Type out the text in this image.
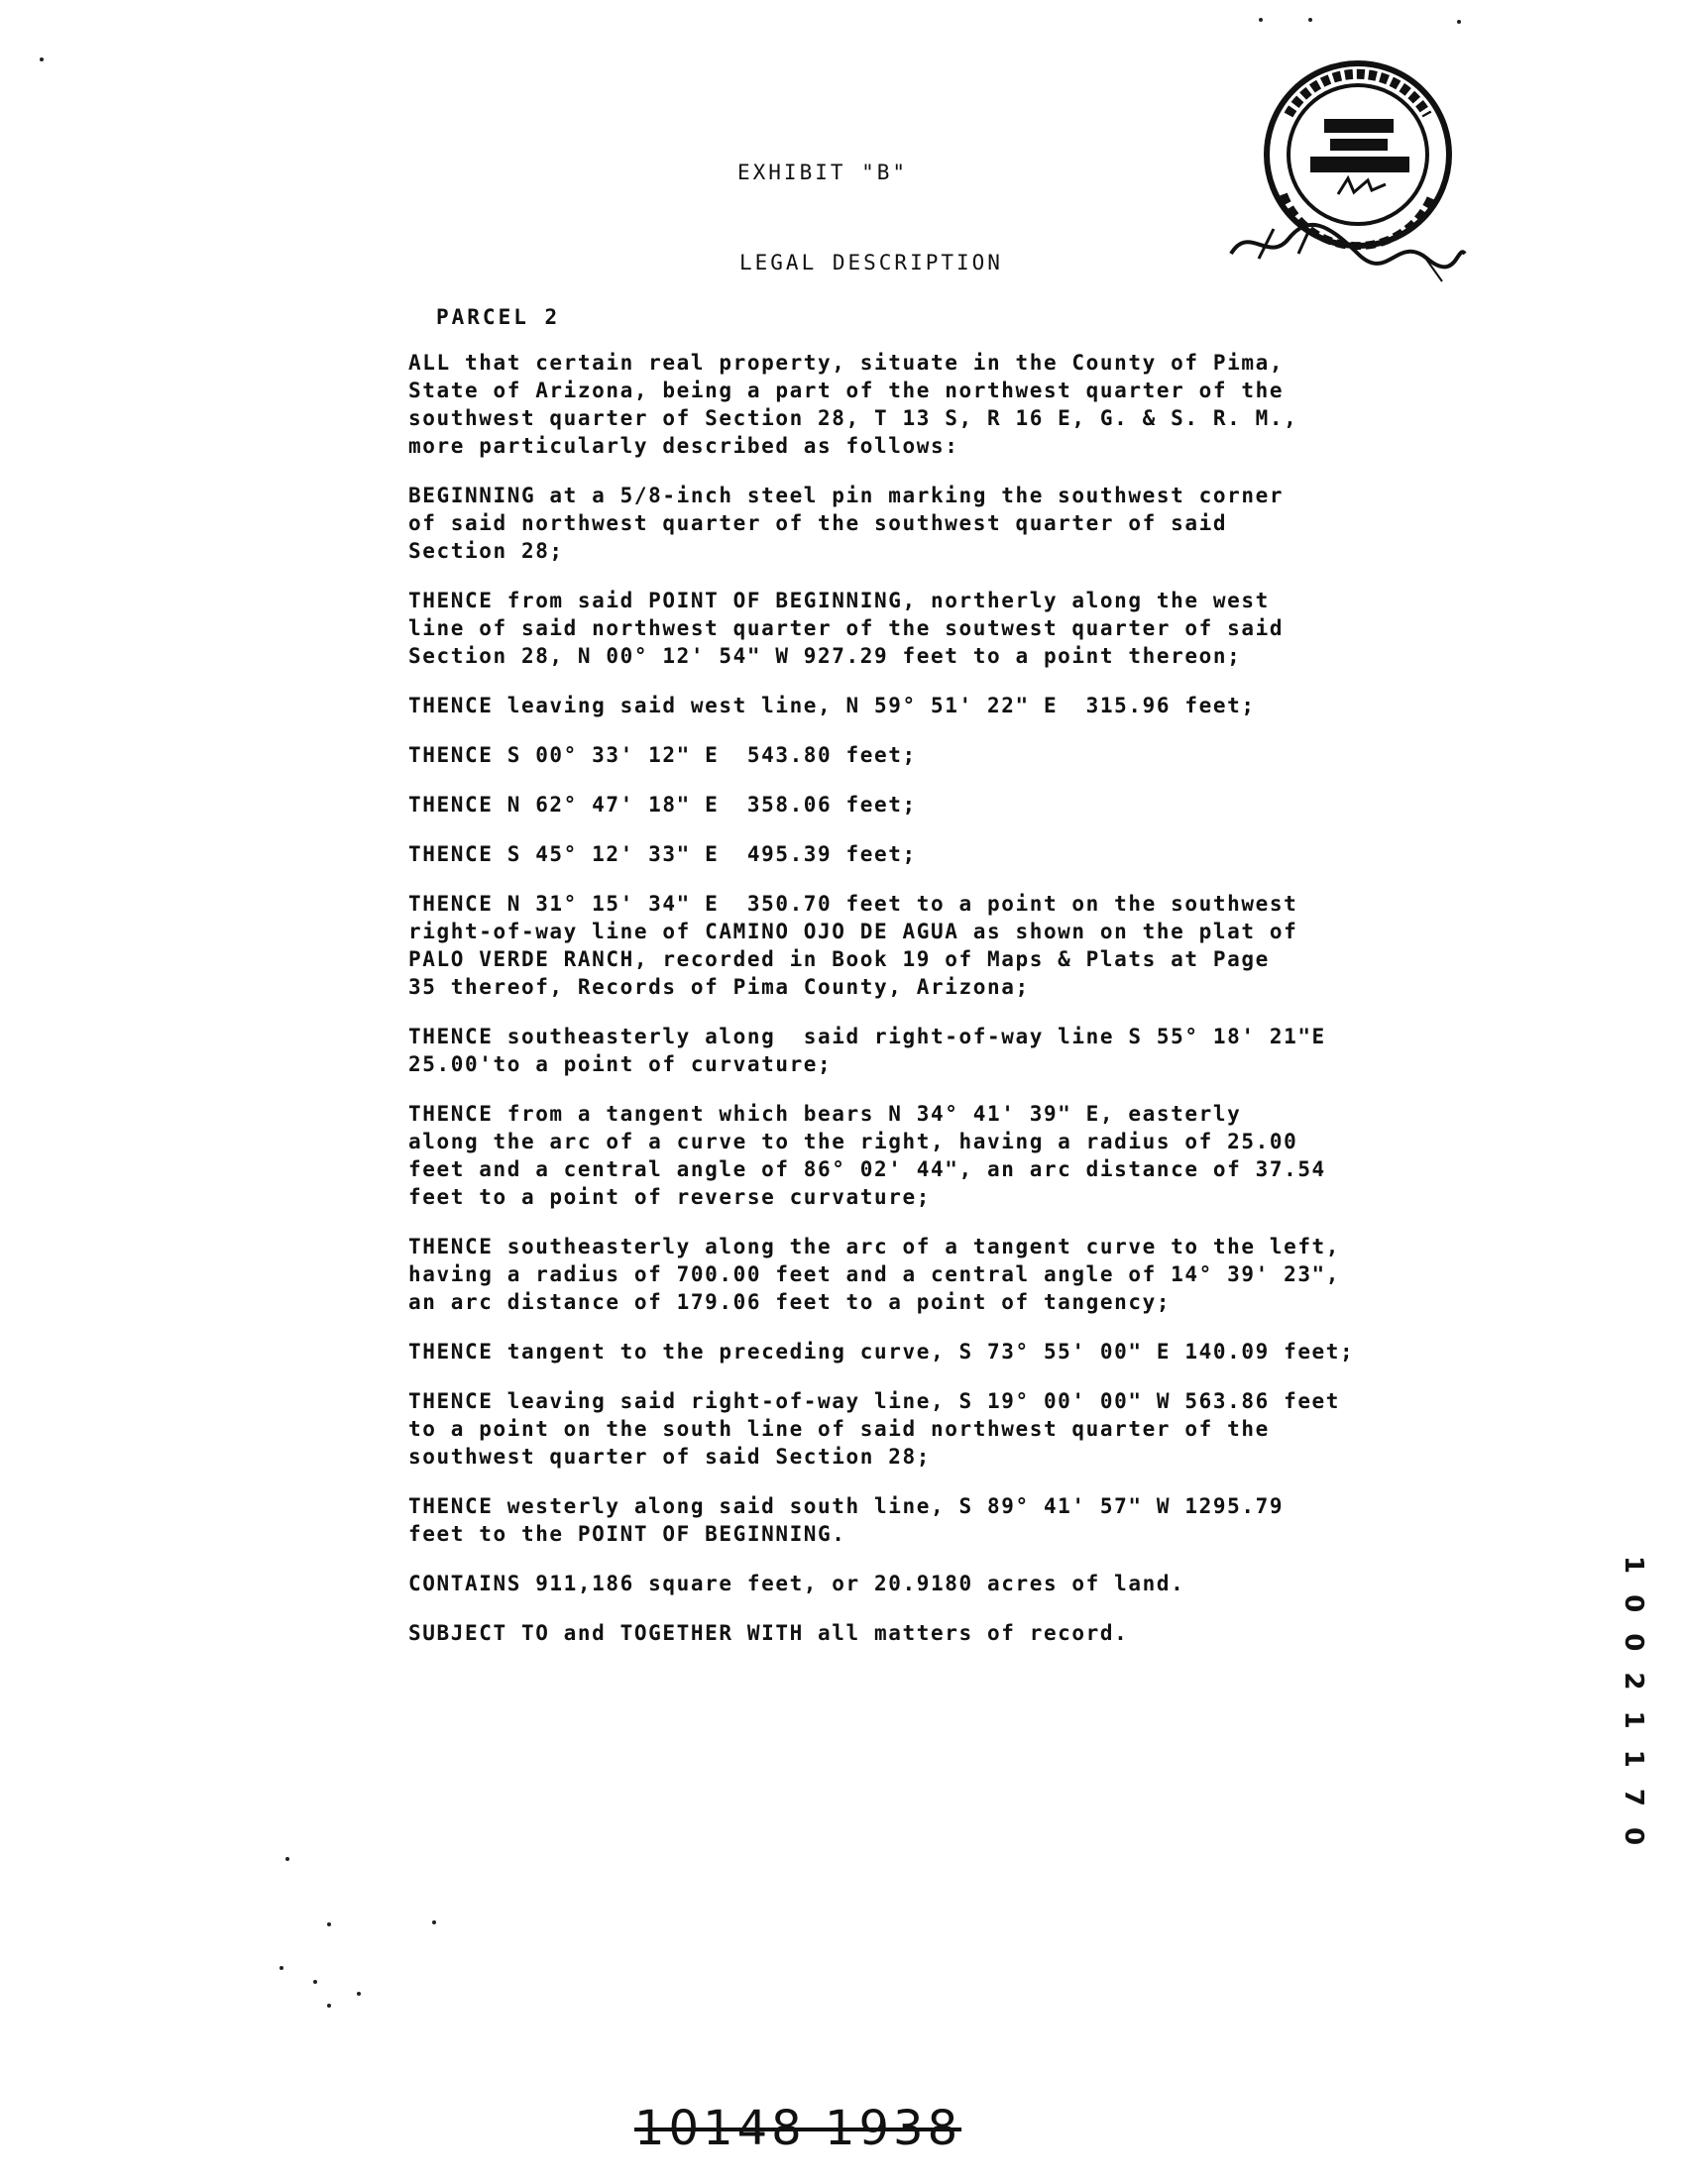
EXHIBIT "B"
LEGAL DESCRIPTION
PARCEL 2
ALL that certain real property, situate in the County of Pima,
State of Arizona, being a part of the northwest quarter of the
southwest quarter of Section 28, T 13 S, R 16 E, G. & S. R. M.,
more particularly described as follows:
BEGINNING at a 5/8-inch steel pin marking the southwest corner
of said northwest quarter of the southwest quarter of said
Section 28;
THENCE from said POINT OF BEGINNING, northerly along the west
line of said northwest quarter of the soutwest quarter of said
Section 28, N 00° 12' 54" W 927.29 feet to a point thereon;
THENCE leaving said west line, N 59° 51' 22" E  315.96 feet;
THENCE S 00° 33' 12" E  543.80 feet;
THENCE N 62° 47' 18" E  358.06 feet;
THENCE S 45° 12' 33" E  495.39 feet;
THENCE N 31° 15' 34" E  350.70 feet to a point on the southwest
right-of-way line of CAMINO OJO DE AGUA as shown on the plat of
PALO VERDE RANCH, recorded in Book 19 of Maps & Plats at Page
35 thereof, Records of Pima County, Arizona;
THENCE southeasterly along  said right-of-way line S 55° 18' 21"E
25.00'to a point of curvature;
THENCE from a tangent which bears N 34° 41' 39" E, easterly
along the arc of a curve to the right, having a radius of 25.00
feet and a central angle of 86° 02' 44", an arc distance of 37.54
feet to a point of reverse curvature;
THENCE southeasterly along the arc of a tangent curve to the left,
having a radius of 700.00 feet and a central angle of 14° 39' 23",
an arc distance of 179.06 feet to a point of tangency;
THENCE tangent to the preceding curve, S 73° 55' 00" E 140.09 feet;
THENCE leaving said right-of-way line, S 19° 00' 00" W 563.86 feet
to a point on the south line of said northwest quarter of the
southwest quarter of said Section 28;
THENCE westerly along said south line, S 89° 41' 57" W 1295.79
feet to the POINT OF BEGINNING.
CONTAINS 911,186 square feet, or 20.9180 acres of land.
SUBJECT TO and TOGETHER WITH all matters of record.	1 0 0 2 1 1 7 0
10148 1938
